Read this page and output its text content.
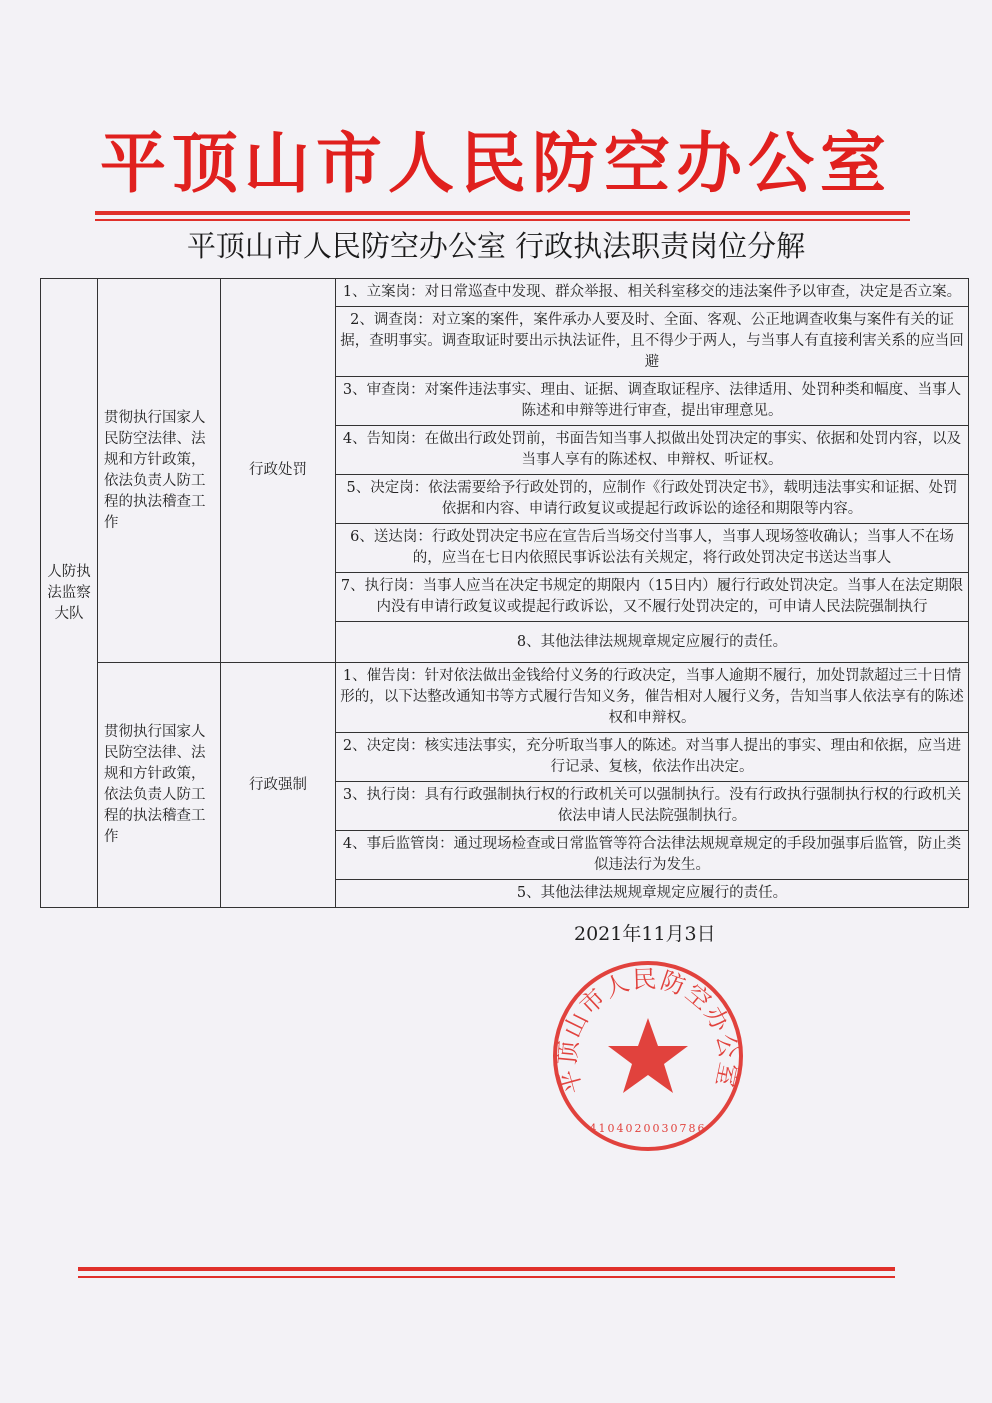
平顶山市人民防空办公室
平顶山市人民防空办公室 行政执法职责岗位分解
人防执法监察大队	贯彻执行国家人民防空法律、法规和方针政策，依法负责人防工程的执法稽查工作	行政处罚	1、立案岗：对日常巡查中发现、群众举报、相关科室移交的违法案件予以审查，决定是否立案。
			2、调查岗：对立案的案件，案件承办人要及时、全面、客观、公正地调查收集与案件有关的证据，查明事实。调查取证时要出示执法证件，且不得少于两人，与当事人有直接利害关系的应当回避
			3、审查岗：对案件违法事实、理由、证据、调查取证程序、法律适用、处罚种类和幅度、当事人陈述和申辩等进行审查，提出审理意见。
			4、告知岗：在做出行政处罚前，书面告知当事人拟做出处罚决定的事实、依据和处罚内容，以及当事人享有的陈述权、申辩权、听证权。
			5、决定岗：依法需要给予行政处罚的，应制作《行政处罚决定书》，载明违法事实和证据、处罚依据和内容、申请行政复议或提起行政诉讼的途径和期限等内容。
			6、送达岗：行政处罚决定书应在宣告后当场交付当事人，当事人现场签收确认；当事人不在场的，应当在七日内依照民事诉讼法有关规定，将行政处罚决定书送达当事人
			7、执行岗：当事人应当在决定书规定的期限内（15日内）履行行政处罚决定。当事人在法定期限内没有申请行政复议或提起行政诉讼，又不履行处罚决定的，可申请人民法院强制执行
			8、其他法律法规规章规定应履行的责任。
	贯彻执行国家人民防空法律、法规和方针政策，依法负责人防工程的执法稽查工作	行政强制	1、催告岗：针对依法做出金钱给付义务的行政决定，当事人逾期不履行，加处罚款超过三十日情形的，以下达整改通知书等方式履行告知义务，催告相对人履行义务，告知当事人依法享有的陈述权和申辩权。
			2、决定岗：核实违法事实，充分听取当事人的陈述。对当事人提出的事实、理由和依据，应当进行记录、复核，依法作出决定。
			3、执行岗：具有行政强制执行权的行政机关可以强制执行。没有行政执行强制执行权的行政机关依法申请人民法院强制执行。
			4、事后监管岗：通过现场检查或日常监管等符合法律法规规章规定的手段加强事后监管，防止类似违法行为发生。
			5、其他法律法规规章规定应履行的责任。
2021年11月3日
平顶山市人民防空办公室
4104020030786
